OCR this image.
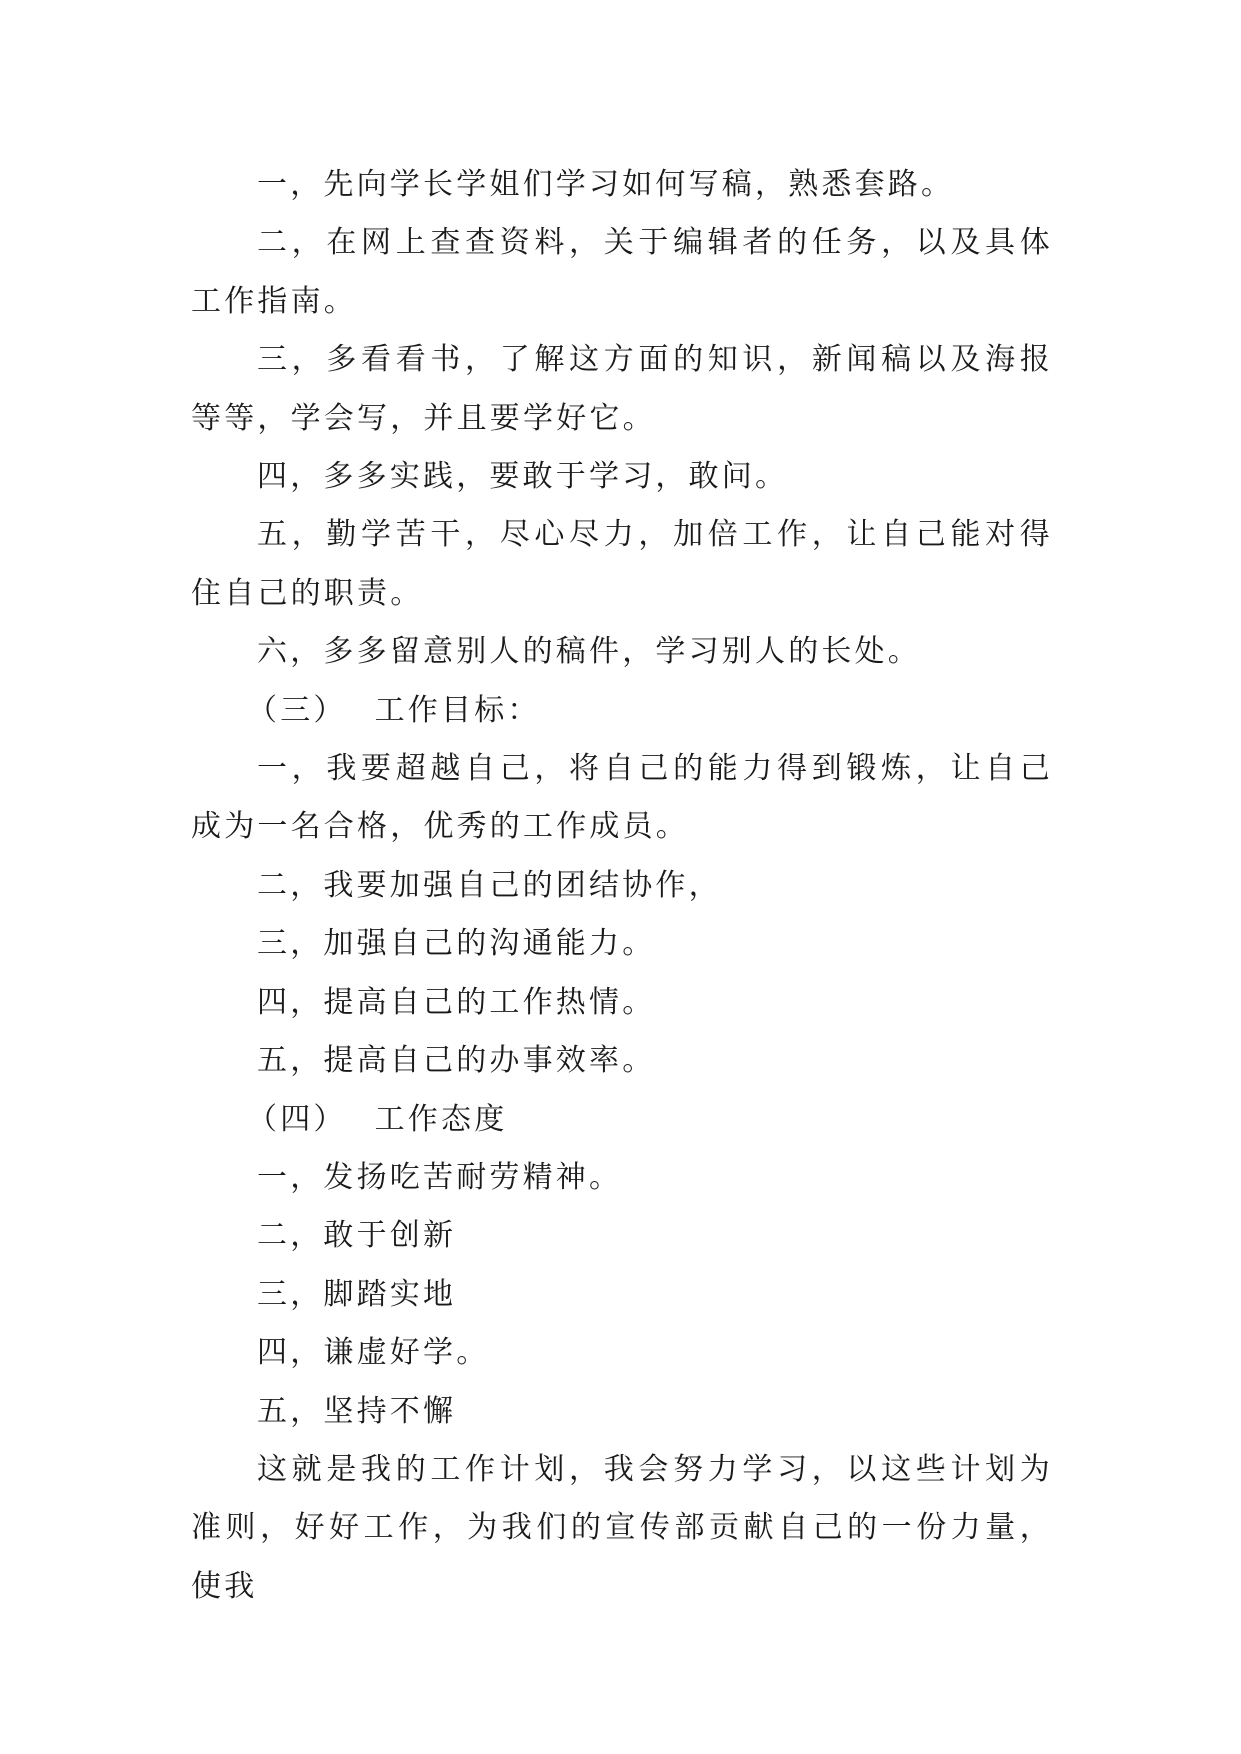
一，先向学长学姐们学习如何写稿，熟悉套路。

二，在网上查查资料，关于编辑者的任务，以及具体工作指南。

三，多看看书，了解这方面的知识，新闻稿以及海报等等，学会写，并且要学好它。

四，多多实践，要敢于学习，敢问。

五，勤学苦干，尽心尽力，加倍工作，让自己能对得住自己的职责。

六，多多留意别人的稿件，学习别人的长处。

（三） 工作目标：

一，我要超越自己，将自己的能力得到锻炼，让自己成为一名合格，优秀的工作成员。

二，我要加强自己的团结协作，

三，加强自己的沟通能力。

四，提高自己的工作热情。

五，提高自己的办事效率。

（四） 工作态度

一，发扬吃苦耐劳精神。

二，敢于创新

三，脚踏实地

四，谦虚好学。

五，坚持不懈

这就是我的工作计划，我会努力学习，以这些计划为准则，好好工作，为我们的宣传部贡献自己的一份力量，使我
